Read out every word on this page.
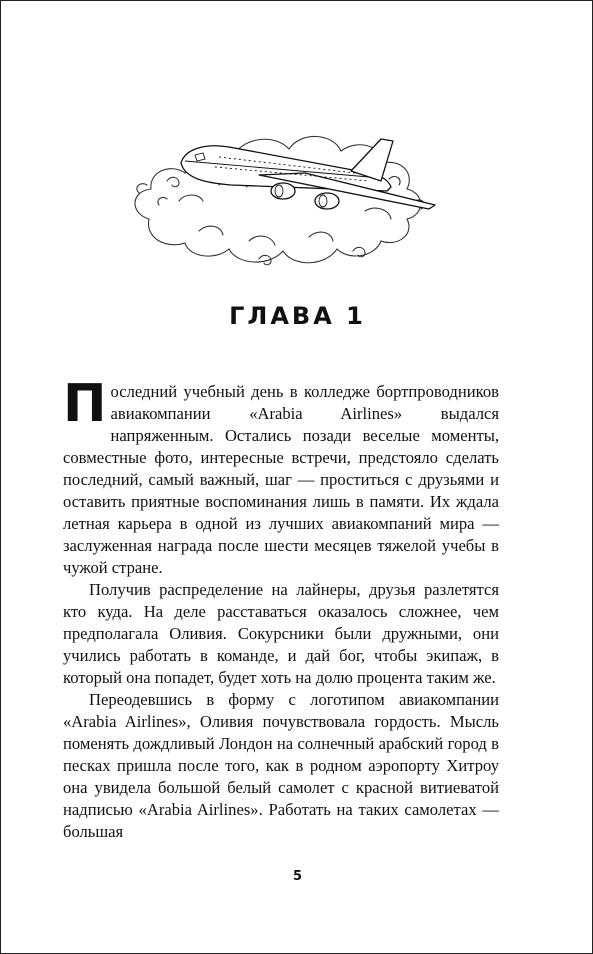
ГЛАВА 1

Последний учебный день в колледже бортпроводников авиакомпании «Arabia Airlines» выдался напряженным. Остались позади веселые моменты, совместные фото, интересные встречи, предстояло сделать последний, самый важный, шаг — проститься с друзьями и оставить приятные воспоминания лишь в памяти. Их ждала летная карьера в одной из лучших авиакомпаний мира — заслуженная награда после шести месяцев тяжелой учебы в чужой стране.

Получив распределение на лайнеры, друзья разлетятся кто куда. На деле расставаться оказалось сложнее, чем предполагала Оливия. Сокурсники были дружными, они учились работать в команде, и дай бог, чтобы экипаж, в который она попадет, будет хоть на долю процента таким же.

Переодевшись в форму с логотипом авиакомпании «Arabia Airlines», Оливия почувствовала гордость. Мысль поменять дождливый Лондон на солнечный арабский город в песках пришла после того, как в родном аэропорту Хитроу она увидела большой белый самолет с красной витиеватой надписью «Arabia Airlines». Работать на таких самолетах — большая

5
